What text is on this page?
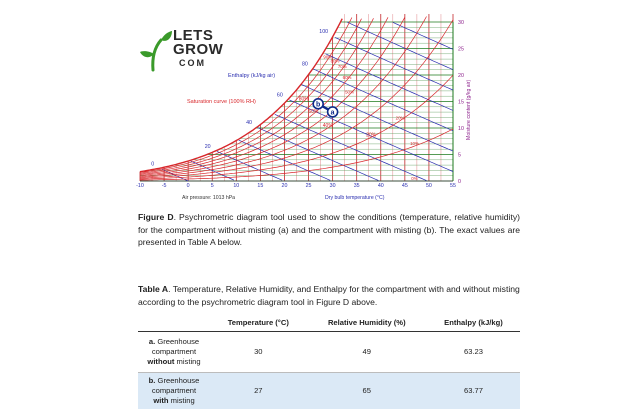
-10	-5	0	5	10	15	20	25	30	35	40	45	50	55
0
5
10
15
20
25
30
0
20
40
60
80
100
20%
40%
60%
80%
50%
60%
70%
80%
90%
20%
10%
0%
b
a
Enthalpy (kJ/kg air)
Saturation curve (100% RH)
Air pressure: 1013 hPa	Dry bulb temperature (°C)
Moisture content (g/kg air)
LETS
GROW
COM
Figure D. Psychrometric diagram tool used to show the conditions (temperature, relative humidity) for the compartment without misting (a) and the compartment with misting (b). The exact values are presented in Table A below.
Table A. Temperature, Relative Humidity, and Enthalpy for the compartment with and without misting according to the psychrometric diagram tool in Figure D above.
	Temperature (°C)	Relative Humidity (%)	Enthalpy (kJ/kg)
a. Greenhouse
compartment
without misting	30	49	63.23
b. Greenhouse
compartment
with misting	27	65	63.77
